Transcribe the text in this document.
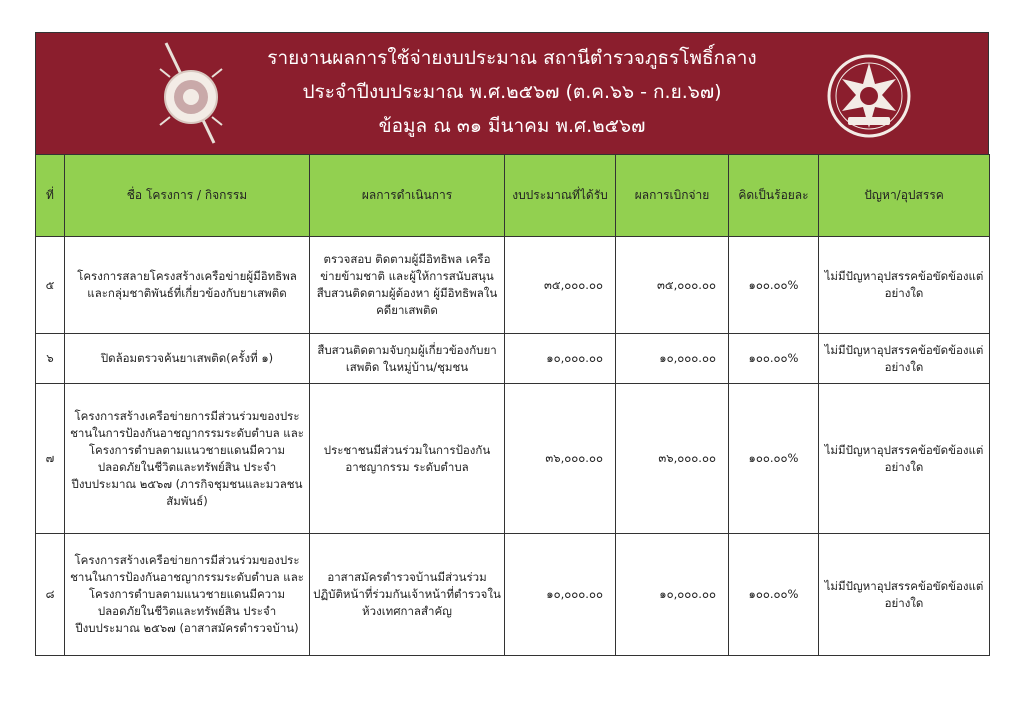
รายงานผลการใช้จ่ายงบประมาณ สถานีตำรวจภูธรโพธิ์กลาง
ประจำปีงบประมาณ พ.ศ.๒๕๖๗ (ต.ค.๖๖ - ก.ย.๖๗)
ข้อมูล ณ ๓๑ มีนาคม พ.ศ.๒๕๖๗
ที่	ชื่อ โครงการ / กิจกรรม	ผลการดำเนินการ	งบประมาณที่ได้รับ	ผลการเบิกจ่าย	คิดเป็นร้อยละ	ปัญหา/อุปสรรค
๕	โครงการสลายโครงสร้างเครือข่ายผู้มีอิทธิพลและกลุ่มชาติพันธ์ที่เกี่ยวข้องกับยาเสพติด	ตรวจสอบ ติดตามผู้มีอิทธิพล เครือข่ายข้ามชาติ และผู้ให้การสนับสนุน สืบสวนติดตามผู้ต้องหา ผู้มีอิทธิพลในคดียาเสพติด	๓๕,๐๐๐.๐๐	๓๕,๐๐๐.๐๐	๑๐๐.๐๐%	ไม่มีปัญหาอุปสรรคข้อขัดข้องแต่อย่างใด
๖	ปิดล้อมตรวจค้นยาเสพติด(ครั้งที่ ๑)	สืบสวนติดตามจับกุมผู้เกี่ยวข้องกับยาเสพติด ในหมู่บ้าน/ชุมชน	๑๐,๐๐๐.๐๐	๑๐,๐๐๐.๐๐	๑๐๐.๐๐%	ไม่มีปัญหาอุปสรรคข้อขัดข้องแต่อย่างใด
๗	โครงการสร้างเครือข่ายการมีส่วนร่วมของประชานในการป้องกันอาชญากรรมระดับตำบล และโครงการตำบลตามแนวชายแดนมีความปลอดภัยในชีวิตและทรัพย์สิน ประจำปีงบประมาณ ๒๕๖๗ (ภารกิจชุมชนและมวลชนสัมพันธ์)	ประชาชนมีส่วนร่วมในการป้องกันอาชญากรรม ระดับตำบล	๓๖,๐๐๐.๐๐	๓๖,๐๐๐.๐๐	๑๐๐.๐๐%	ไม่มีปัญหาอุปสรรคข้อขัดข้องแต่อย่างใด
๘	โครงการสร้างเครือข่ายการมีส่วนร่วมของประชานในการป้องกันอาชญากรรมระดับตำบล และโครงการตำบลตามแนวชายแดนมีความปลอดภัยในชีวิตและทรัพย์สิน ประจำปีงบประมาณ ๒๕๖๗ (อาสาสมัครตำรวจบ้าน)	อาสาสมัครตำรวจบ้านมีส่วนร่วมปฏิบัติหน้าที่ร่วมกันเจ้าหน้าที่ตำรวจในห้วงเทศกาลสำคัญ	๑๐,๐๐๐.๐๐	๑๐,๐๐๐.๐๐	๑๐๐.๐๐%	ไม่มีปัญหาอุปสรรคข้อขัดข้องแต่อย่างใด
